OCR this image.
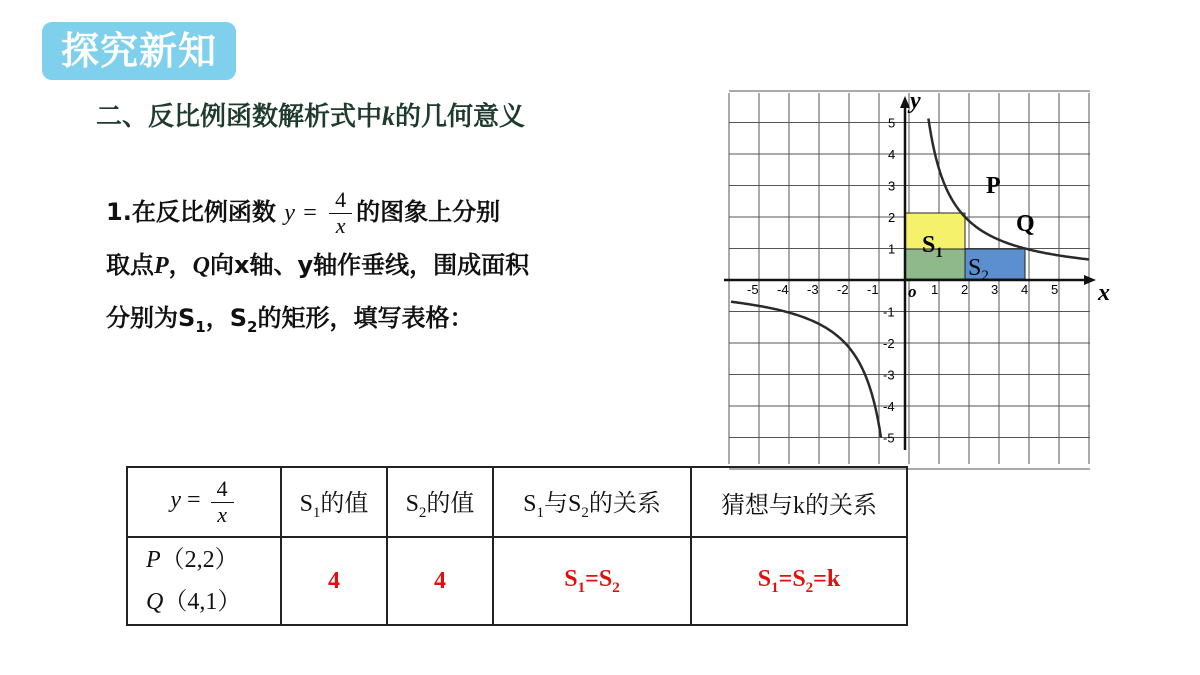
探究新知
二、反比例函数解析式中k的几何意义
1.在反比例函数 $y = \frac{4}{x}$ 的图象上分别
取点P，Q向x轴、y轴作垂线，围成面积
分别为$S_1$，$S_2$的矩形，填写表格：
-5 -4 -3 -2 -1	1 2 3 4 5
5
4
3
2
1
-1
-2
-3
-4
-5
x
y
o
P
Q
$S_1$
$S_2$
$y = \frac{4}{x}$	$S_1$的值	$S_2$的值	$S_1$与$S_2$的关系	猜想与k的关系

P（2,2）
Q（4,1）	4	4	$S_1=S_2$	$S_1=S_2=k$
